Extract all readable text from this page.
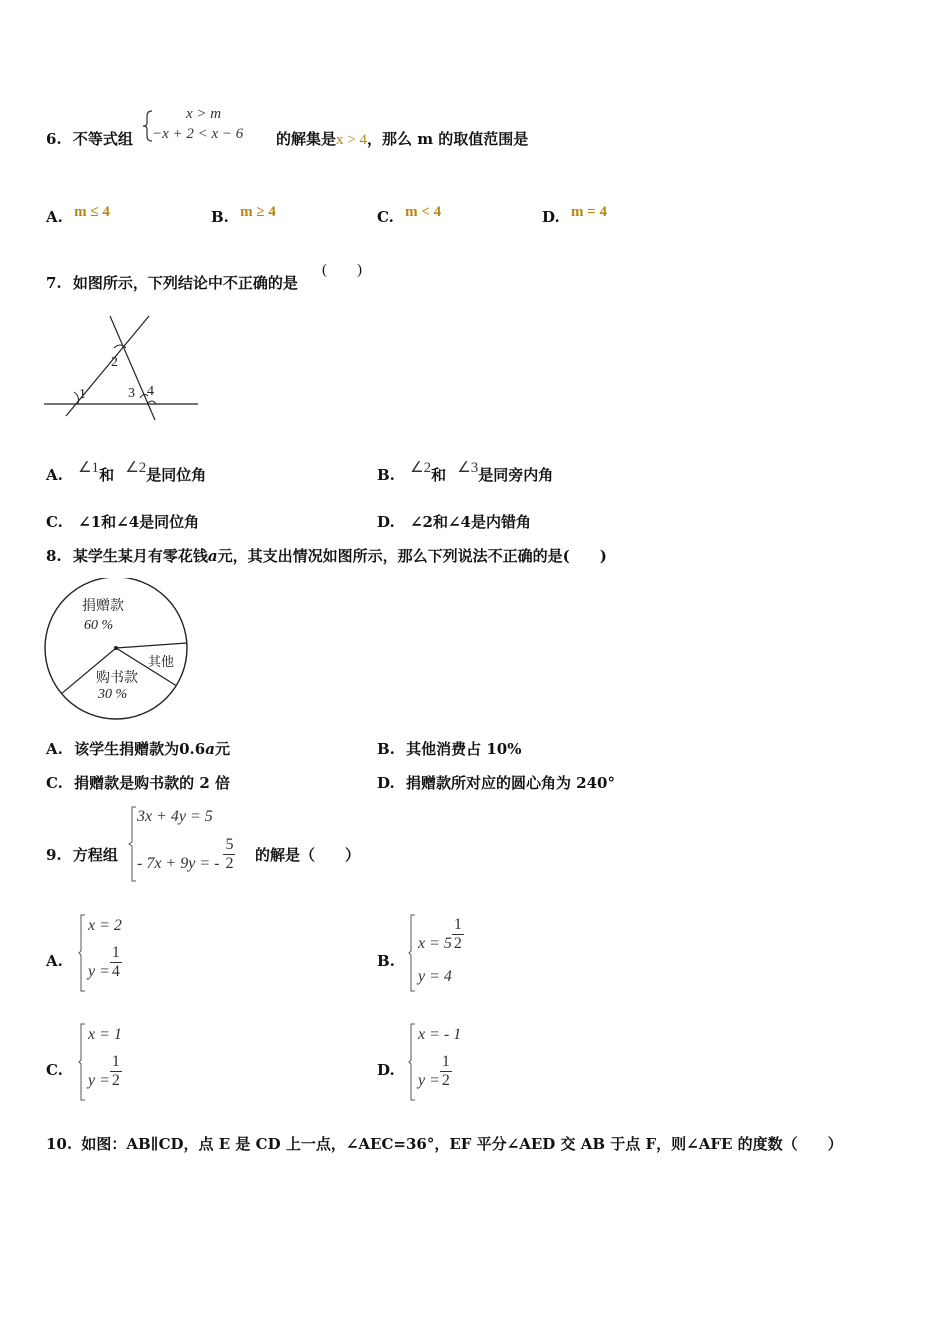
6. 不等式组
x > m
−x + 2 < x − 6 的解集是x > 4，那么 m 的取值范围是
A. m ≤ 4	B. m ≥ 4	C. m < 4	D. m = 4
7. 如图所示，下列结论中不正确的是
(　　)
1
2
3 4
A. ∠1和 ∠2是同位角	B. ∠2和 ∠3是同旁内角
C. ∠1和∠4是同位角	D. ∠2和∠4是内错角
8. 某学生某月有零花钱a元，其支出情况如图所示，那么下列说法不正确的是(　　)
捐赠款
60 %
其他
购书款
30 %
A. 该学生捐赠款为0.6a元	B. 其他消费占 10%
C. 捐赠款是购书款的 2 倍	D. 捐赠款所对应的圆心角为 240°
9. 方程组
3x + 4y = 5
- 7x + 9y = - $\frac{5}{2}$ 的解是（　　）
A.
x = 2
$y = \frac{1}{4}$	B.
$x = 5 \frac{1}{2}$
y = 4
C.
x = 1
$y = \frac{1}{2}$	D.
x = - 1
$y = \frac{1}{2}$
10. 如图：AB∥CD，点 E 是 CD 上一点，∠AEC=36°，EF 平分∠AED 交 AB 于点 F，则∠AFE 的度数（　　）
